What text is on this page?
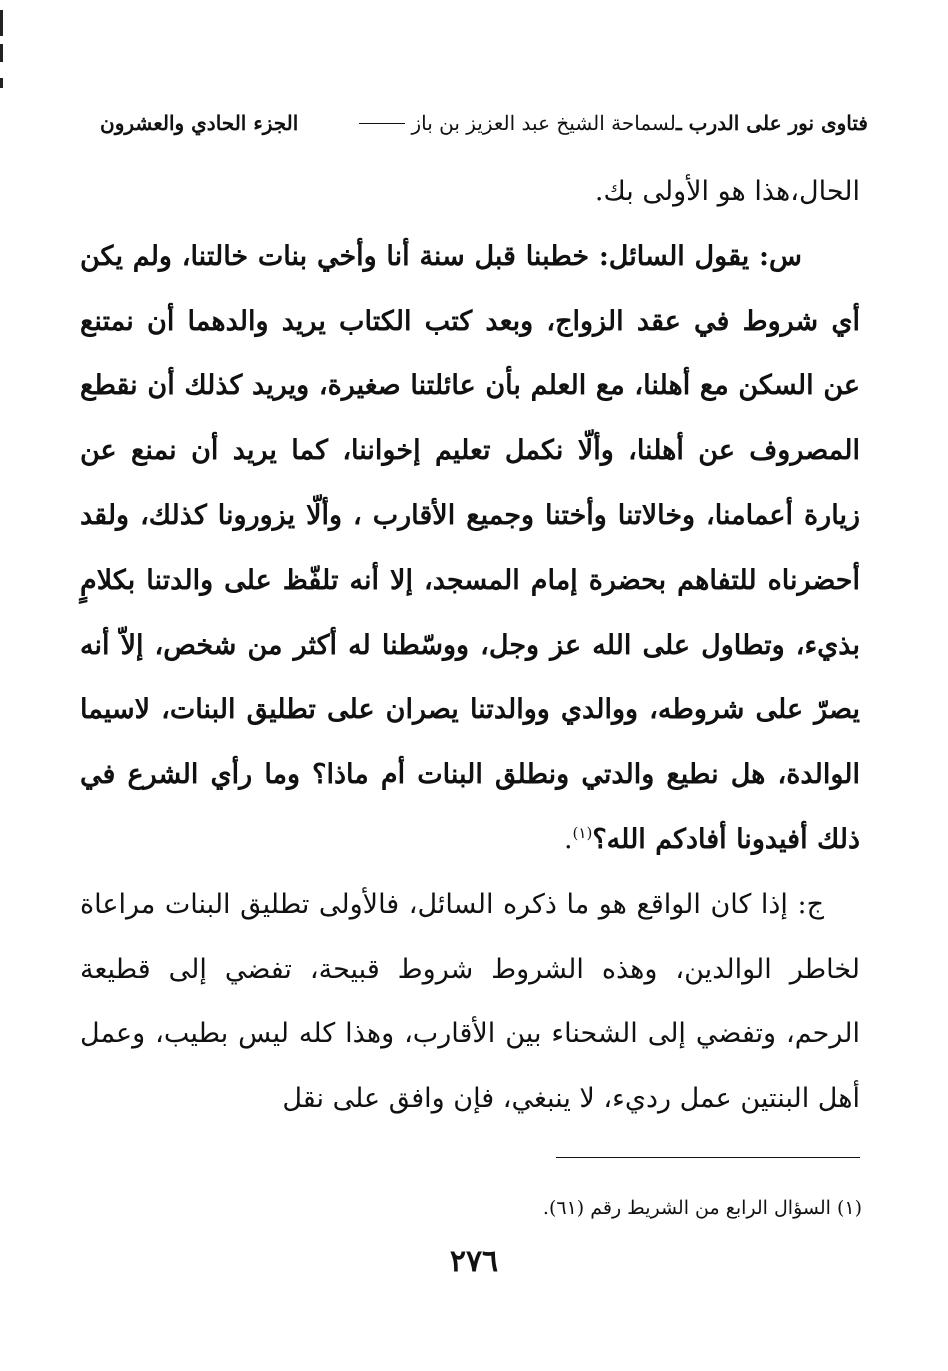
فتاوى نور على الدرب ـ
لسماحة الشيخ عبد العزيز بن باز
الجزء الحادي والعشرون

الحال،هذا هو الأولى بك.

س: يقول السائل: خطبنا قبل سنة أنا وأخي بنات خالتنا، ولم يكن أي شروط في عقد الزواج، وبعد كتب الكتاب يريد والدهما أن نمتنع عن السكن مع أهلنا، مع العلم بأن عائلتنا صغيرة، ويريد كذلك أن نقطع المصروف عن أهلنا، وألّا نكمل تعليم إخواننا، كما يريد أن نمنع عن زيارة أعمامنا، وخالاتنا وأختنا وجميع الأقارب ، وألّا يزورونا كذلك، ولقد أحضرناه للتفاهم بحضرة إمام المسجد، إلا أنه تلفّظ على والدتنا بكلامٍ بذيء، وتطاول على الله عز وجل، ووسّطنا له أكثر من شخص، إلاّ أنه يصرّ على شروطه، ووالدي ووالدتنا يصران على تطليق البنات، لاسيما الوالدة، هل نطيع والدتي ونطلق البنات أم ماذا؟ وما رأي الشرع في ذلك أفيدونا أفادكم الله؟$^{(١)}$.

ج: إذا كان الواقع هو ما ذكره السائل، فالأولى تطليق البنات مراعاة لخاطر الوالدين، وهذه الشروط شروط قبيحة، تفضي إلى قطيعة الرحم، وتفضي إلى الشحناء بين الأقارب، وهذا كله ليس بطيب، وعمل أهل البنتين عمل رديء، لا ينبغي، فإن وافق على نقل

(١) السؤال الرابع من الشريط رقم (٦١).
٢٧٦
